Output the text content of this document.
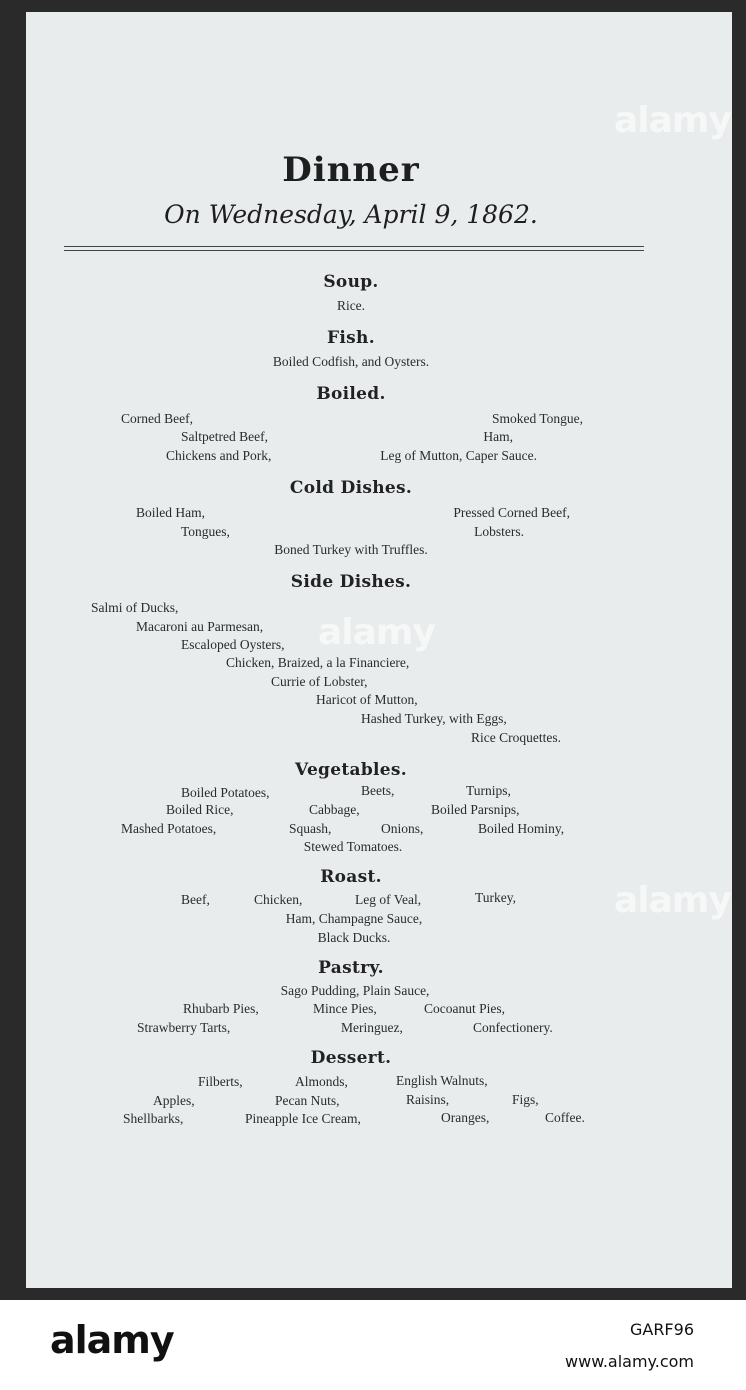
alamy
alamy
alamy
Dinner
On Wednesday, April 9, 1862.
Soup.
Rice.
Fish.
Boiled Codfish, and Oysters.
Boiled.
Corned Beef,	Smoked Tongue,
Saltpetred Beef,	Ham,
Chickens and Pork,	Leg of Mutton, Caper Sauce.
Cold Dishes.
Boiled Ham,	Pressed Corned Beef,
Tongues,	Lobsters.
Boned Turkey with Truffles.
Side Dishes.
Salmi of Ducks,
Macaroni au Parmesan,
Escaloped Oysters,
Chicken, Braized, a la Financiere,
Currie of Lobster,
Haricot of Mutton,
Hashed Turkey, with Eggs,
Rice Croquettes.
Vegetables.
Boiled Potatoes,	Beets,	Turnips,
Boiled Rice,	Cabbage,	Boiled Parsnips,
Mashed Potatoes,	Squash,	Onions,	Boiled Hominy,
Stewed Tomatoes.
Roast.
Beef,	Chicken,	Leg of Veal,	Turkey,
Ham, Champagne Sauce,
Black Ducks.
Pastry.
Sago Pudding, Plain Sauce,
Rhubarb Pies,	Mince Pies,	Cocoanut Pies,
Strawberry Tarts,	Meringuez,	Confectionery.
Dessert.
Filberts,	Almonds,	English Walnuts,
Apples,	Pecan Nuts,	Raisins,	Figs,
Shellbarks,	Pineapple Ice Cream,	Oranges,	Coffee.
alamy	GARF96
www.alamy.com
